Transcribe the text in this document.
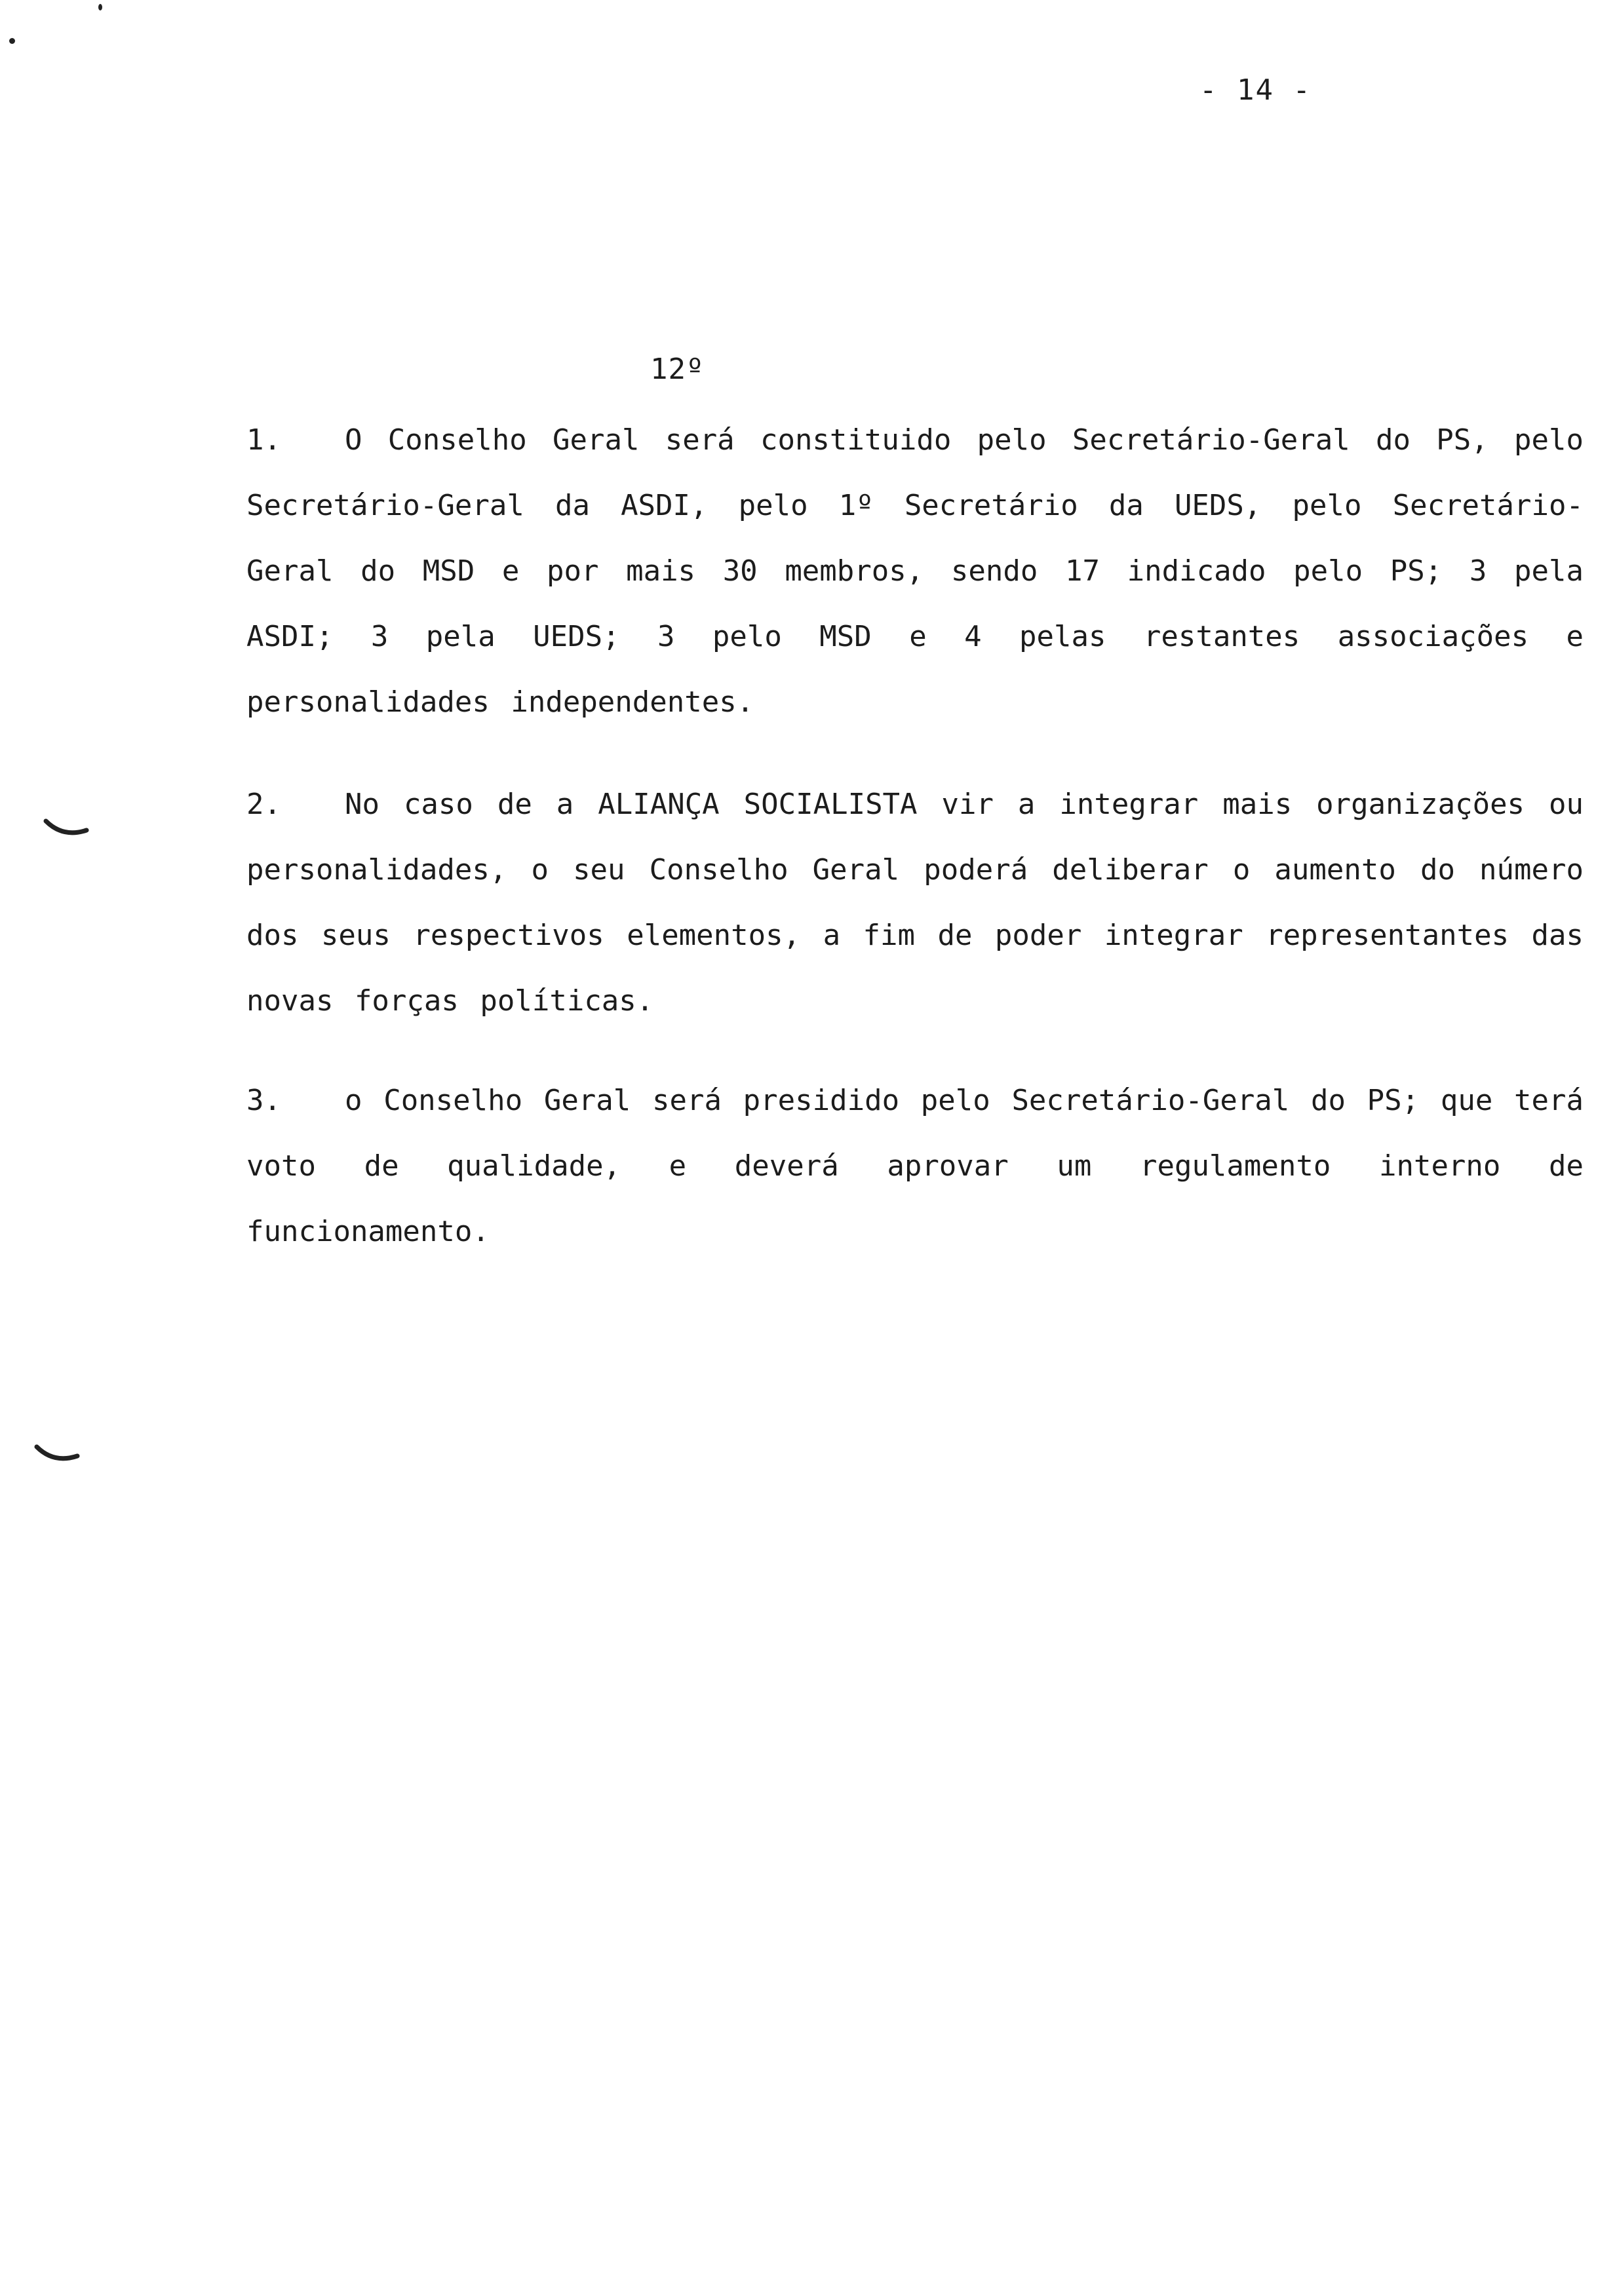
- 14 -
12º
1. O Conselho Geral será constituido pelo Secretário-Geral do PS, pelo Secretário-Geral da ASDI, pelo 1º Secretário da UEDS, pelo Secretário-Geral do MSD e por mais 30 membros, sendo 17 indicado pelo PS; 3 pela ASDI; 3 pela UEDS; 3 pelo MSD e 4 pelas restantes associações e personalidades independentes.
2. No caso de a ALIANÇA SOCIALISTA vir a integrar mais organizações ou personalidades, o seu Conselho Geral poderá deliberar o aumento do número dos seus respectivos elementos, a fim de poder integrar representantes das novas forças políticas.
3. o Conselho Geral será presidido pelo Secretário-Geral do PS; que terá voto de qualidade, e deverá aprovar um regulamento interno de funcionamento.
